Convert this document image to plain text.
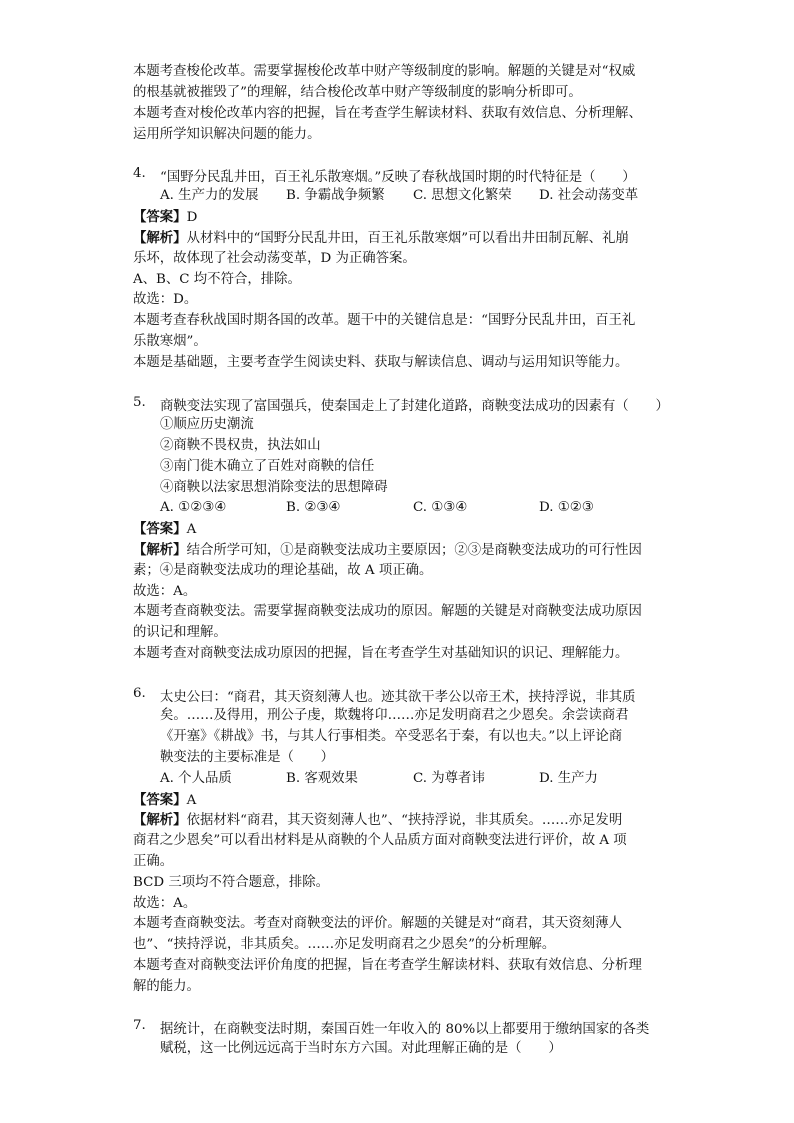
本题考查梭伦改革。需要掌握梭伦改革中财产等级制度的影响。解题的关键是对“权威
的根基就被摧毁了”的理解，结合梭伦改革中财产等级制度的影响分析即可。
本题考查对梭伦改革内容的把握，旨在考查学生解读材料、获取有效信息、分析理解、
运用所学知识解决问题的能力。
4. “国野分民乱井田，百王礼乐散寒烟。”反映了春秋战国时期的时代特征是（　　）
A. 生产力的发展 B. 争霸战争频繁 C. 思想文化繁荣 D. 社会动荡变革
【答案】D
【解析】从材料中的“国野分民乱井田，百王礼乐散寒烟”可以看出井田制瓦解、礼崩
乐坏，故体现了社会动荡变革，D 为正确答案。
A、B、C 均不符合，排除。
故选：D。
本题考查春秋战国时期各国的改革。题干中的关键信息是：“国野分民乱井田，百王礼
乐散寒烟”。
本题是基础题，主要考查学生阅读史料、获取与解读信息、调动与运用知识等能力。
5. 商鞅变法实现了富国强兵，使秦国走上了封建化道路，商鞅变法成功的因素有（　　）
①顺应历史潮流
②商鞅不畏权贵，执法如山
③南门徙木确立了百姓对商鞅的信任
④商鞅以法家思想消除变法的思想障碍
A. ①②③④	B. ②③④	C. ①③④	D. ①②③
【答案】A
【解析】结合所学可知，①是商鞅变法成功主要原因；②③是商鞅变法成功的可行性因
素；④是商鞅变法成功的理论基础，故 A 项正确。
故选：A。
本题考查商鞅变法。需要掌握商鞅变法成功的原因。解题的关键是对商鞅变法成功原因
的识记和理解。
本题考查对商鞅变法成功原因的把握，旨在考查学生对基础知识的识记、理解能力。
6. 太史公曰：“商君，其天资刻薄人也。迹其欲干孝公以帝王术，挟持浮说，非其质
矣。……及得用，刑公子虔，欺魏将卬……亦足发明商君之少恩矣。余尝读商君
《开塞》《耕战》书，与其人行事相类。卒受恶名于秦，有以也夫。”以上评论商
鞅变法的主要标准是（　　）
A. 个人品质	B. 客观效果	C. 为尊者讳	D. 生产力
【答案】A
【解析】依据材料“商君，其天资刻薄人也”、“挟持浮说，非其质矣。……亦足发明
商君之少恩矣”可以看出材料是从商鞅的个人品质方面对商鞅变法进行评价，故 A 项
正确。
BCD 三项均不符合题意，排除。
故选：A。
本题考查商鞅变法。考查对商鞅变法的评价。解题的关键是对“商君，其天资刻薄人
也”、“挟持浮说，非其质矣。……亦足发明商君之少恩矣”的分析理解。
本题考查对商鞅变法评价角度的把握，旨在考查学生解读材料、获取有效信息、分析理
解的能力。
7. 据统计，在商鞅变法时期，秦国百姓一年收入的 80%以上都要用于缴纳国家的各类
赋税，这一比例远远高于当时东方六国。对此理解正确的是（　　）
